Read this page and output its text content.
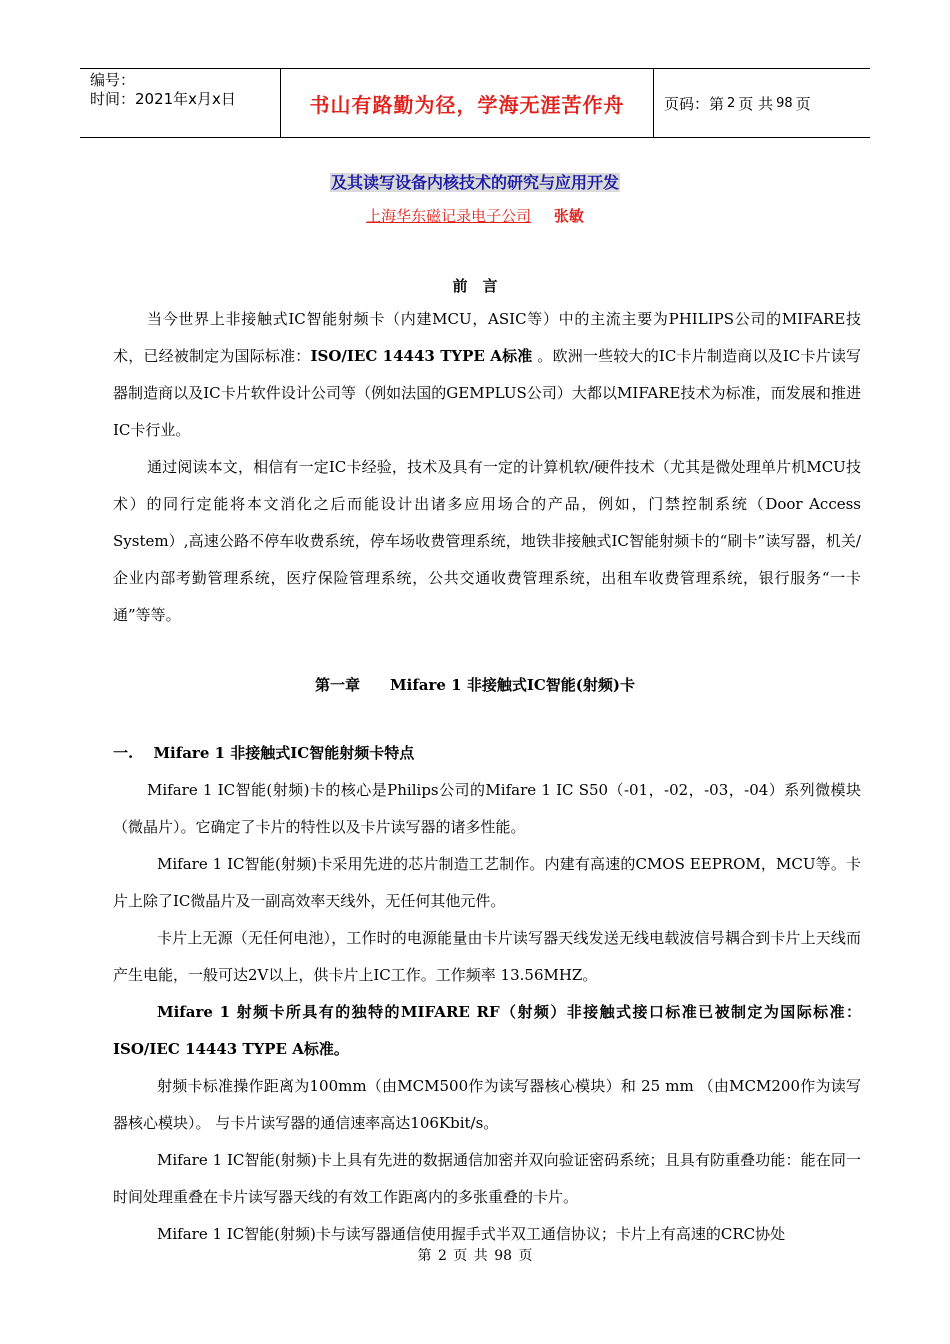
编号：
时间：2021年x月x日	书山有路勤为径，学海无涯苦作舟	页码：第 2 页 共 98 页
及其读写设备内核技术的研究与应用开发
上海华东磁记录电子公司 张敏
前　言

当今世界上非接触式IC智能射频卡（内建MCU，ASIC等）中的主流主要为PHILIPS公司的MIFARE技术，已经被制定为国际标准：ISO/IEC 14443 TYPE A标准 。欧洲一些较大的IC卡片制造商以及IC卡片读写器制造商以及IC卡片软件设计公司等（例如法国的GEMPLUS公司）大都以MIFARE技术为标准，而发展和推进IC卡行业。

通过阅读本文，相信有一定IC卡经验，技术及具有一定的计算机软/硬件技术（尤其是微处理单片机MCU技术）的同行定能将本文消化之后而能设计出诸多应用场合的产品，例如，门禁控制系统（Door Access System）,高速公路不停车收费系统，停车场收费管理系统，地铁非接触式IC智能射频卡的“刷卡”读写器，机关/企业内部考勤管理系统，医疗保险管理系统，公共交通收费管理系统，出租车收费管理系统，银行服务“一卡通”等等。

第一章　　Mifare 1 非接触式IC智能(射频)卡

一.　 Mifare 1 非接触式IC智能射频卡特点

Mifare 1 IC智能(射频)卡的核心是Philips公司的Mifare 1 IC S50（-01，-02，-03，-04）系列微模块（微晶片）。它确定了卡片的特性以及卡片读写器的诸多性能。

Mifare 1 IC智能(射频)卡采用先进的芯片制造工艺制作。内建有高速的CMOS EEPROM，MCU等。卡片上除了IC微晶片及一副高效率天线外，无任何其他元件。

卡片上无源（无任何电池），工作时的电源能量由卡片读写器天线发送无线电载波信号耦合到卡片上天线而产生电能，一般可达2V以上，供卡片上IC工作。工作频率 13.56MHZ。

Mifare 1 射频卡所具有的独特的MIFARE RF（射频）非接触式接口标准已被制定为国际标准：ISO/IEC 14443 TYPE A标准。

射频卡标准操作距离为100mm（由MCM500作为读写器核心模块）和 25 mm （由MCM200作为读写器核心模块）。 与卡片读写器的通信速率高达106Kbit/s。

Mifare 1 IC智能(射频)卡上具有先进的数据通信加密并双向验证密码系统；且具有防重叠功能：能在同一时间处理重叠在卡片读写器天线的有效工作距离内的多张重叠的卡片。

Mifare 1 IC智能(射频)卡与读写器通信使用握手式半双工通信协议；卡片上有高速的CRC协处

第 2 页 共 98 页
